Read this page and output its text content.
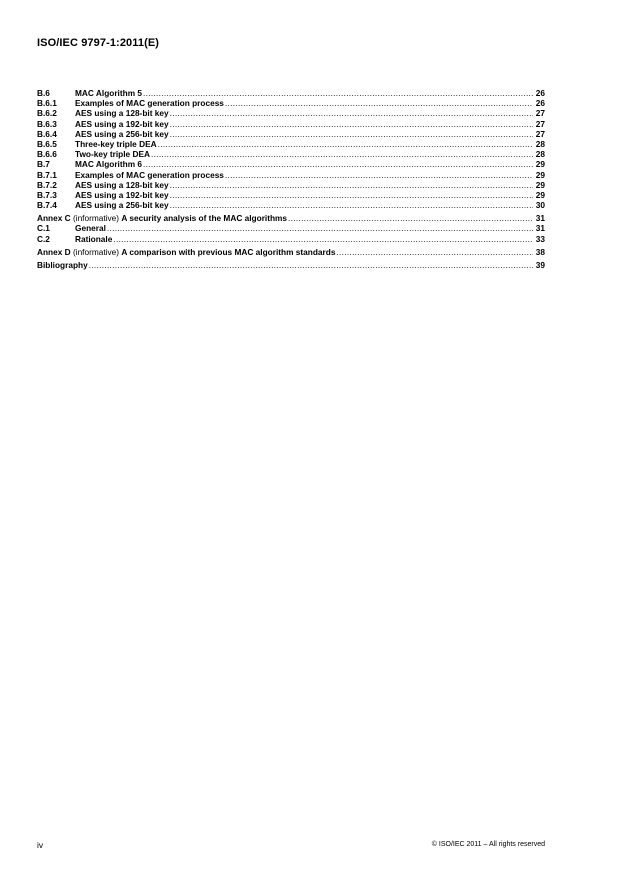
ISO/IEC 9797-1:2011(E)
B.6	MAC Algorithm 5 .....	26
B.6.1	Examples of MAC generation process .....	26
B.6.2	AES using a 128-bit key .....	27
B.6.3	AES using a 192-bit key .....	27
B.6.4	AES using a 256-bit key .....	27
B.6.5	Three-key triple DEA .....	28
B.6.6	Two-key triple DEA .....	28
B.7	MAC Algorithm 6 .....	29
B.7.1	Examples of MAC generation process .....	29
B.7.2	AES using a 128-bit key .....	29
B.7.3	AES using a 192-bit key .....	29
B.7.4	AES using a 256-bit key .....	30
Annex C (informative) A security analysis of the MAC algorithms .....	31
C.1	General .....	31
C.2	Rationale .....	33
Annex D (informative) A comparison with previous MAC algorithm standards .....	38
Bibliography .....	39
iv	© ISO/IEC 2011 – All rights reserved
